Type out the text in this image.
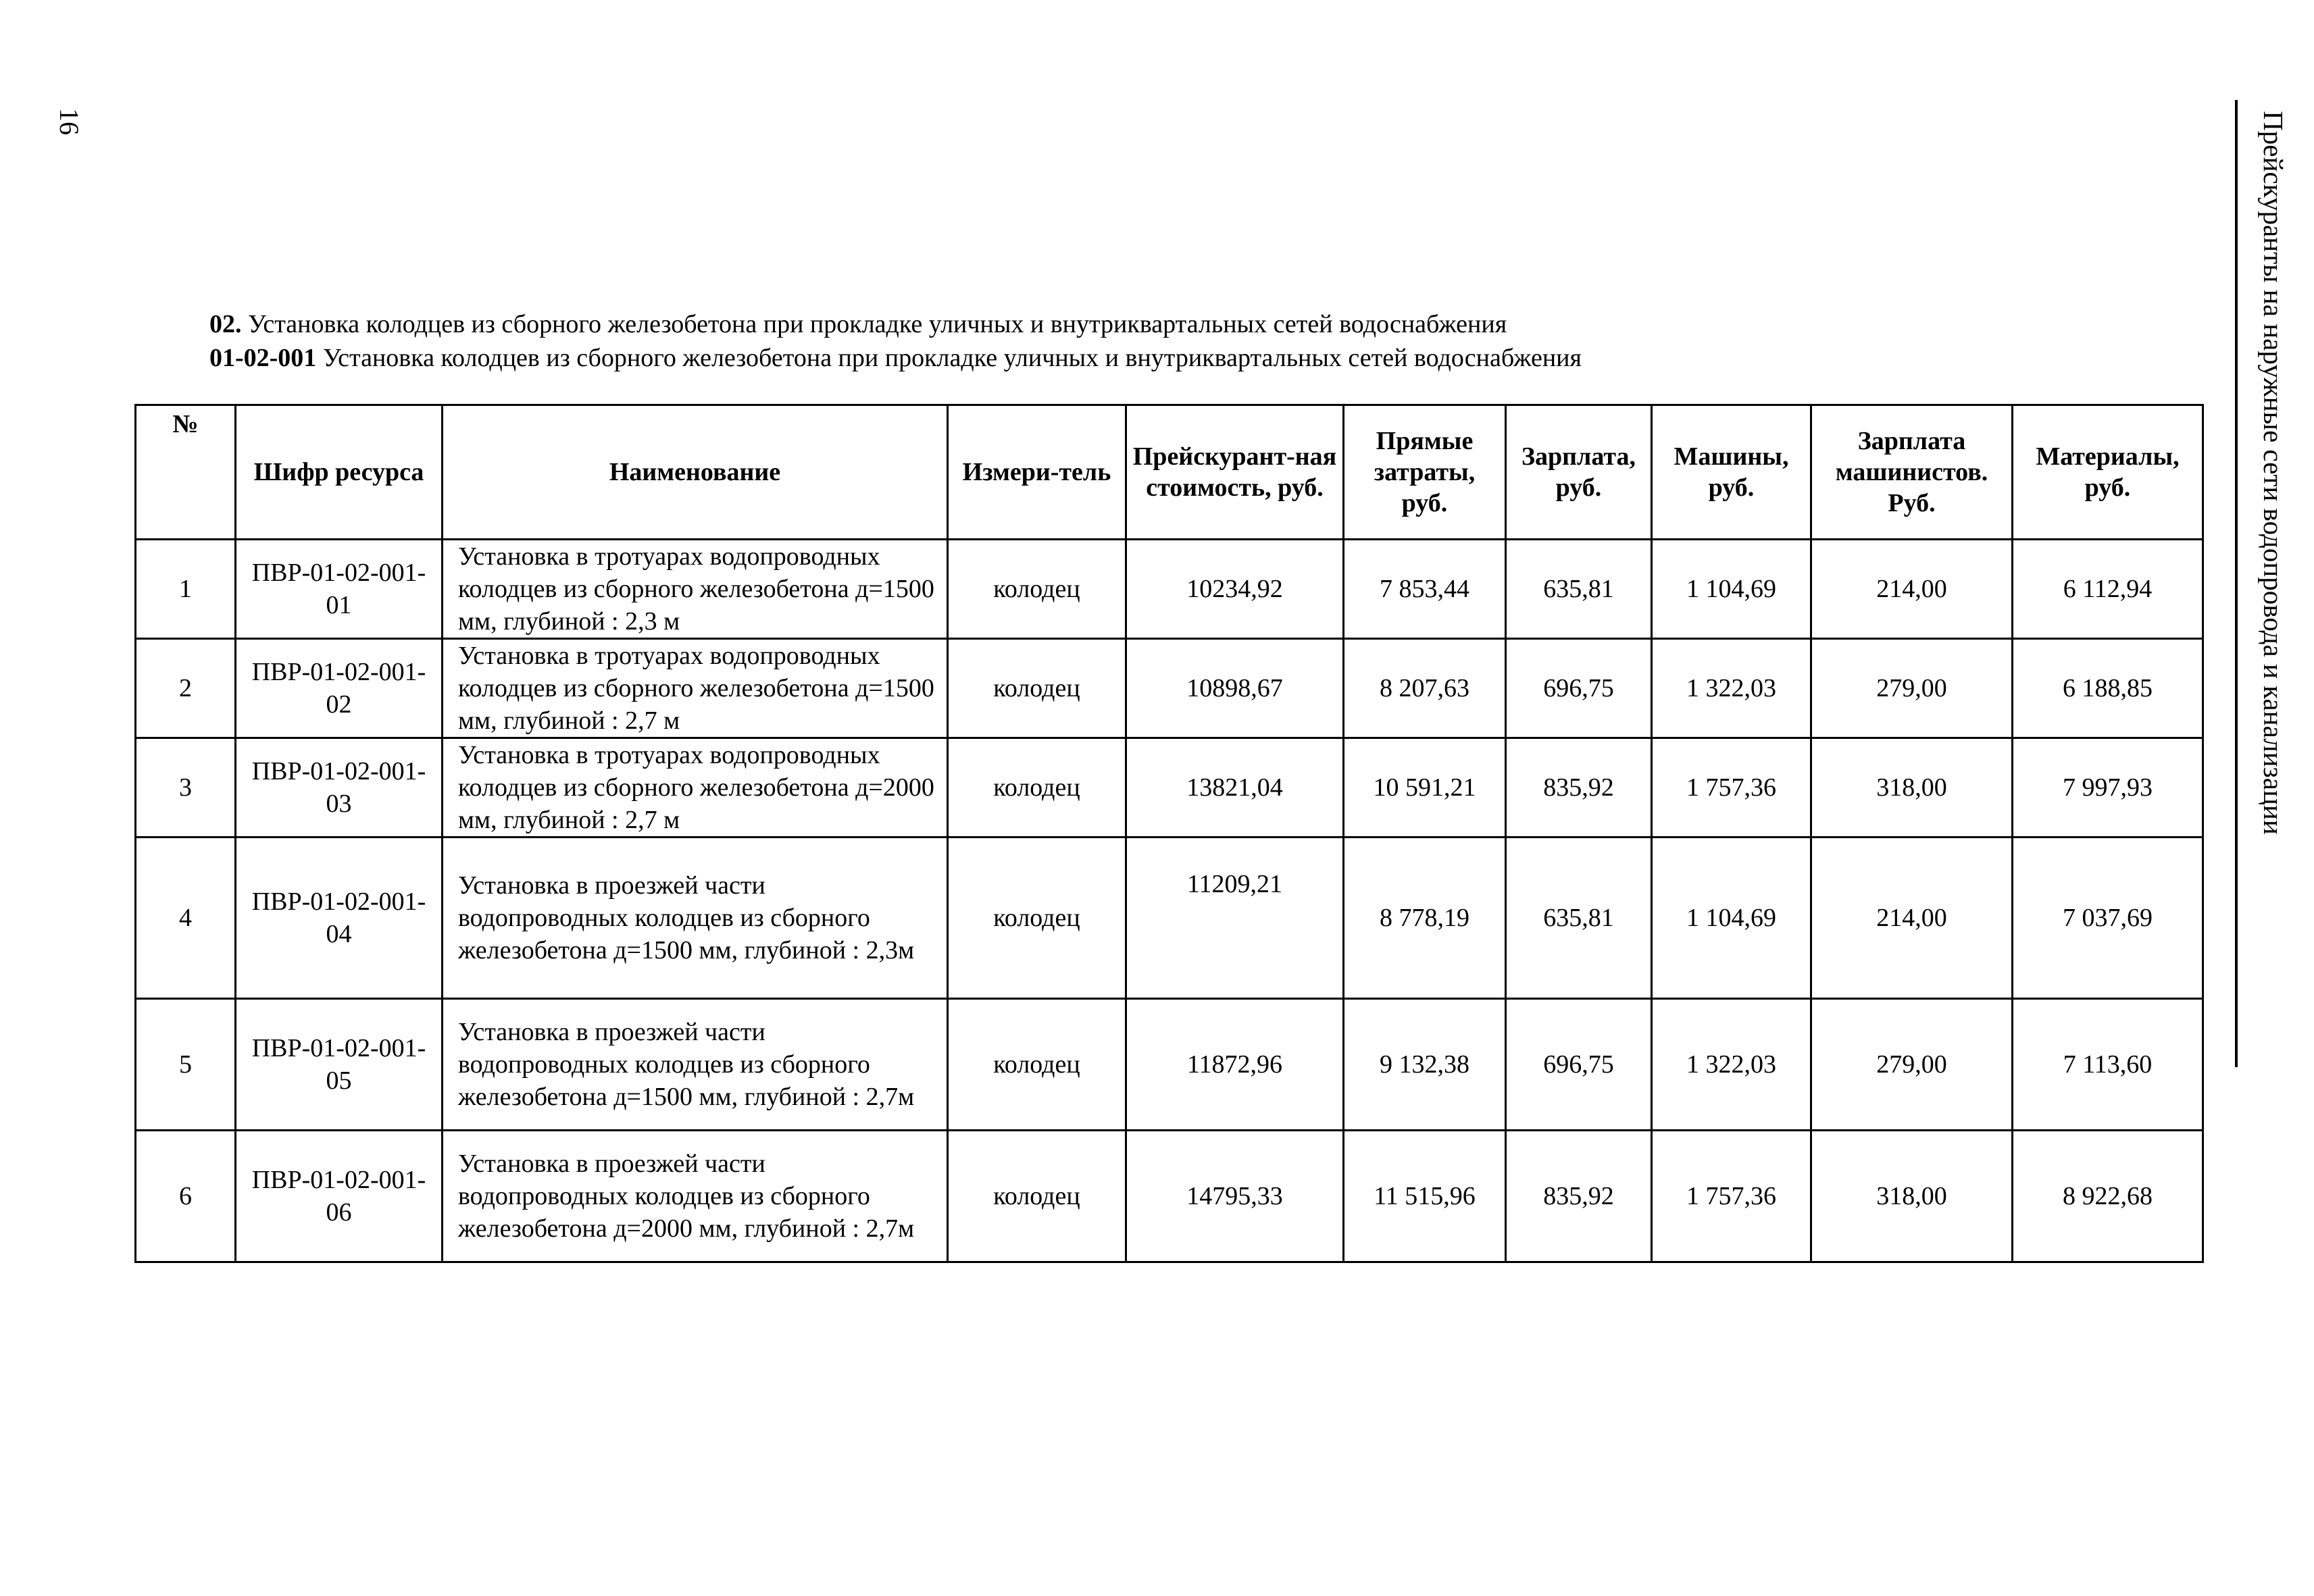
16	Прейскуранты на наружные сети водопровода и канализации
02. Установка колодцев из сборного железобетона при прокладке уличных и внутриквартальных сетей водоснабжения
01-02-001 Установка колодцев из сборного железобетона при прокладке уличных и внутриквартальных сетей водоснабжения
№	Шифр ресурса	Наименование	Измери-тель	Прейскурант-ная стоимость, руб.	Прямые затраты, руб.	Зарплата, руб.	Машины, руб.	Зарплата машинистов. Руб.	Материалы, руб.
1	ПВР-01-02-001-01	Установка в тротуарах водопроводных колодцев из сборного железобетона д=1500 мм, глубиной : 2,3 м	колодец	10234,92	7 853,44	635,81	1 104,69	214,00	6 112,94
2	ПВР-01-02-001-02	Установка в тротуарах водопроводных колодцев из сборного железобетона д=1500 мм, глубиной : 2,7 м	колодец	10898,67	8 207,63	696,75	1 322,03	279,00	6 188,85
3	ПВР-01-02-001-03	Установка в тротуарах водопроводных колодцев из сборного железобетона д=2000 мм, глубиной : 2,7 м	колодец	13821,04	10 591,21	835,92	1 757,36	318,00	7 997,93
4	ПВР-01-02-001-04	Установка в проезжей части водопроводных колодцев из сборного железобетона д=1500 мм, глубиной : 2,3м	колодец	11209,21	8 778,19	635,81	1 104,69	214,00	7 037,69
5	ПВР-01-02-001-05	Установка в проезжей части водопроводных колодцев из сборного железобетона д=1500 мм, глубиной : 2,7м	колодец	11872,96	9 132,38	696,75	1 322,03	279,00	7 113,60
6	ПВР-01-02-001-06	Установка в проезжей части водопроводных колодцев из сборного железобетона д=2000 мм, глубиной : 2,7м	колодец	14795,33	11 515,96	835,92	1 757,36	318,00	8 922,68
